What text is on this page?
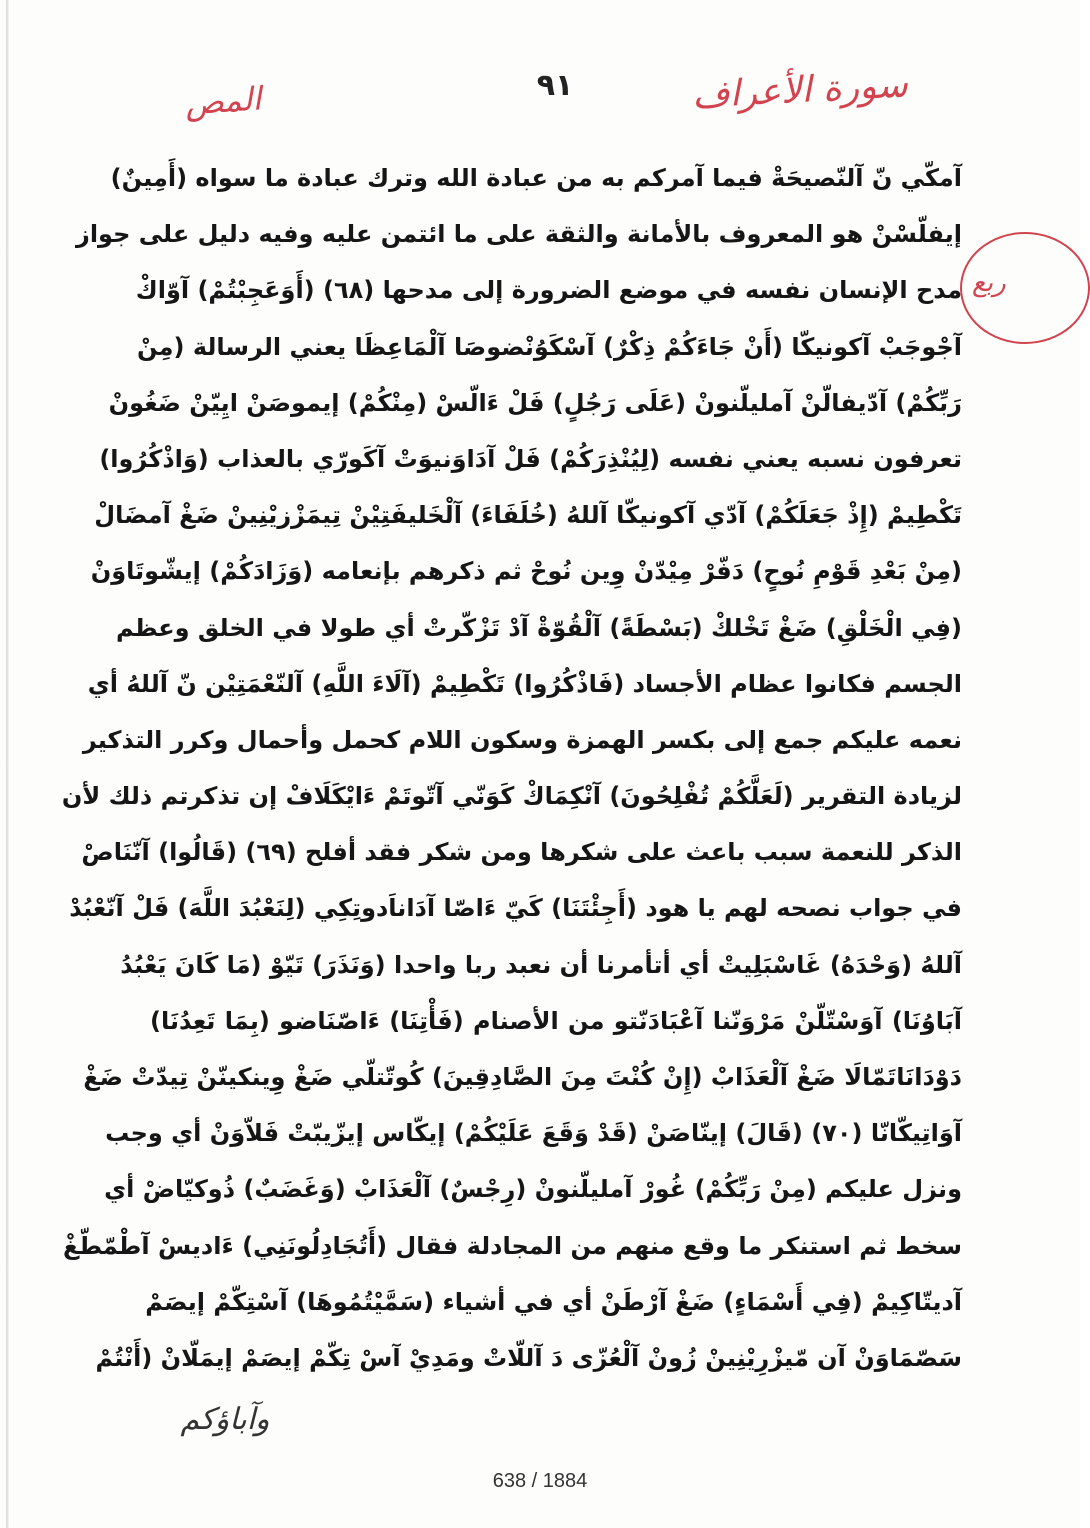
سورة الأعراف
٩١
المص
ربع
آمكّي نّ آلنّصيحَةْ فيما آمركم به من عبادة الله وترك عبادة ما سواه (أَمِينٌ)
إيفلّسْنْ هو المعروف بالأمانة والثقة على ما ائتمن عليه وفيه دليل على جواز
مدح الإنسان نفسه في موضع الضرورة إلى مدحها (٦٨) (أَوَعَجِبْتُمْ) آوّاكْ
آجْوجَبْ آكونيكّا (أَنْ جَاءَكُمْ ذِكْرٌ) آسْكَوُنْضوصَا آلْمَاعِظَا يعني الرسالة (مِنْ
رَبِّكُمْ) آدّيفالّنْ آمليلّنونْ (عَلَى رَجُلٍ) فَلْ ءَالّسْ (مِنْكُمْ) إيموصَنْ ايِيّنْ ضَغُونْ
تعرفون نسبه يعني نفسه (لِيُنْذِرَكُمْ) فَلْ آدَاوَنيوَتْ آكَورّي بالعذاب (وَاذْكُرُوا)
تَكْطِيمْ (إِذْ جَعَلَكُمْ) آدّي آكونيكّا آللهُ (خُلَفَاءَ) آلْخَليفَتِيْنْ تِيمَزْزيْنِينْ ضَغْ آمضَالْ
(مِنْ بَعْدِ قَوْمِ نُوحٍ) دَفّرْ مِيْدّنْ وِين نُوحْ ثم ذكرهم بإنعامه (وَزَادَكُمْ) إيشّوتَاوَنْ
(فِي الْخَلْقِ) ضَغْ تَخْلكْ (بَسْطَةً) آلْقُوّةْ آدْ تَزْكّرتْ أي طولا في الخلق وعظم
الجسم فكانوا عظام الأجساد (فَاذْكُرُوا) تَكْطِيمْ (آلَاءَ اللَّهِ) آلنّعْمَتِيْن نّ آللهُ أي
نعمه عليكم جمع إلى بكسر الهمزة وسكون اللام كحمل وأحمال وكرر التذكير
لزيادة التقرير (لَعَلَّكُمْ تُفْلِحُونَ) آنْكِمَاكْ كَوَنّي آتّوتَمْ ءَايْكَلَافْ إن تذكرتم ذلك لأن
الذكر للنعمة سبب باعث على شكرها ومن شكر فقد أفلح (٦٩) (قَالُوا) آنّنَاصْ
في جواب نصحه لهم يا هود (أَجِئْتَنَا) كَيّ ءَاصّا آدَاناَدوتِكِي (لِنَعْبُدَ اللَّهَ) فَلْ آنّعْبُدْ
آللهُ (وَحْدَهُ) غَاسْبَلِيتْ أي أتأمرنا أن نعبد ربا واحدا (وَنَذَرَ) تَيّوْ (مَا كَانَ يَعْبُدُ
آبَاوُنَا) آوَسْتّلّنْ مَرْوَنّنا آعْبَادَنّتو من الأصنام (فَأْتِنَا) ءَاصّنَاضو (بِمَا تَعِدُنَا)
دَوْدَانَاتَمّالَا ضَغْ آلْعَذَابْ (إِنْ كُنْتَ مِنَ الصَّادِقِينَ) كُوتّتلّي ضَغْ وِينكينّنْ تِيدّتْ ضَغْ
آوَاتِيكّانّا (٧٠) (قَالَ) إينّاصَنْ (قَدْ وَقَعَ عَلَيْكُمْ) إيكّاس إيزّيبّتْ فَلاّوَنْ أي وجب
ونزل عليكم (مِنْ رَبِّكُمْ) غُورْ آمليلّنونْ (رِجْسٌ) آلْعَذَابْ (وَغَضَبٌ) ذُوكيّاضْ أي
سخط ثم استنكر ما وقع منهم من المجادلة فقال (أَتُجَادِلُونَنِي) ءَاديسْ آطْمّطّغْ
آديتّاكِيمْ (فِي أَسْمَاءٍ) ضَغْ آرْطَنْ أي في أشياء (سَمَّيْتُمُوهَا) آسْتِكّمْ إيصَمْ
سَصّمَاوَنْ آن مّيزْرِيْنِينْ زُونْ آلْعُزّى دَ آللّاتْ ومَدِيْ آسْ تِكّمْ إيصَمْ إيمَلّانْ (أَنْتُمْ
وآباؤكم
638 / 1884
